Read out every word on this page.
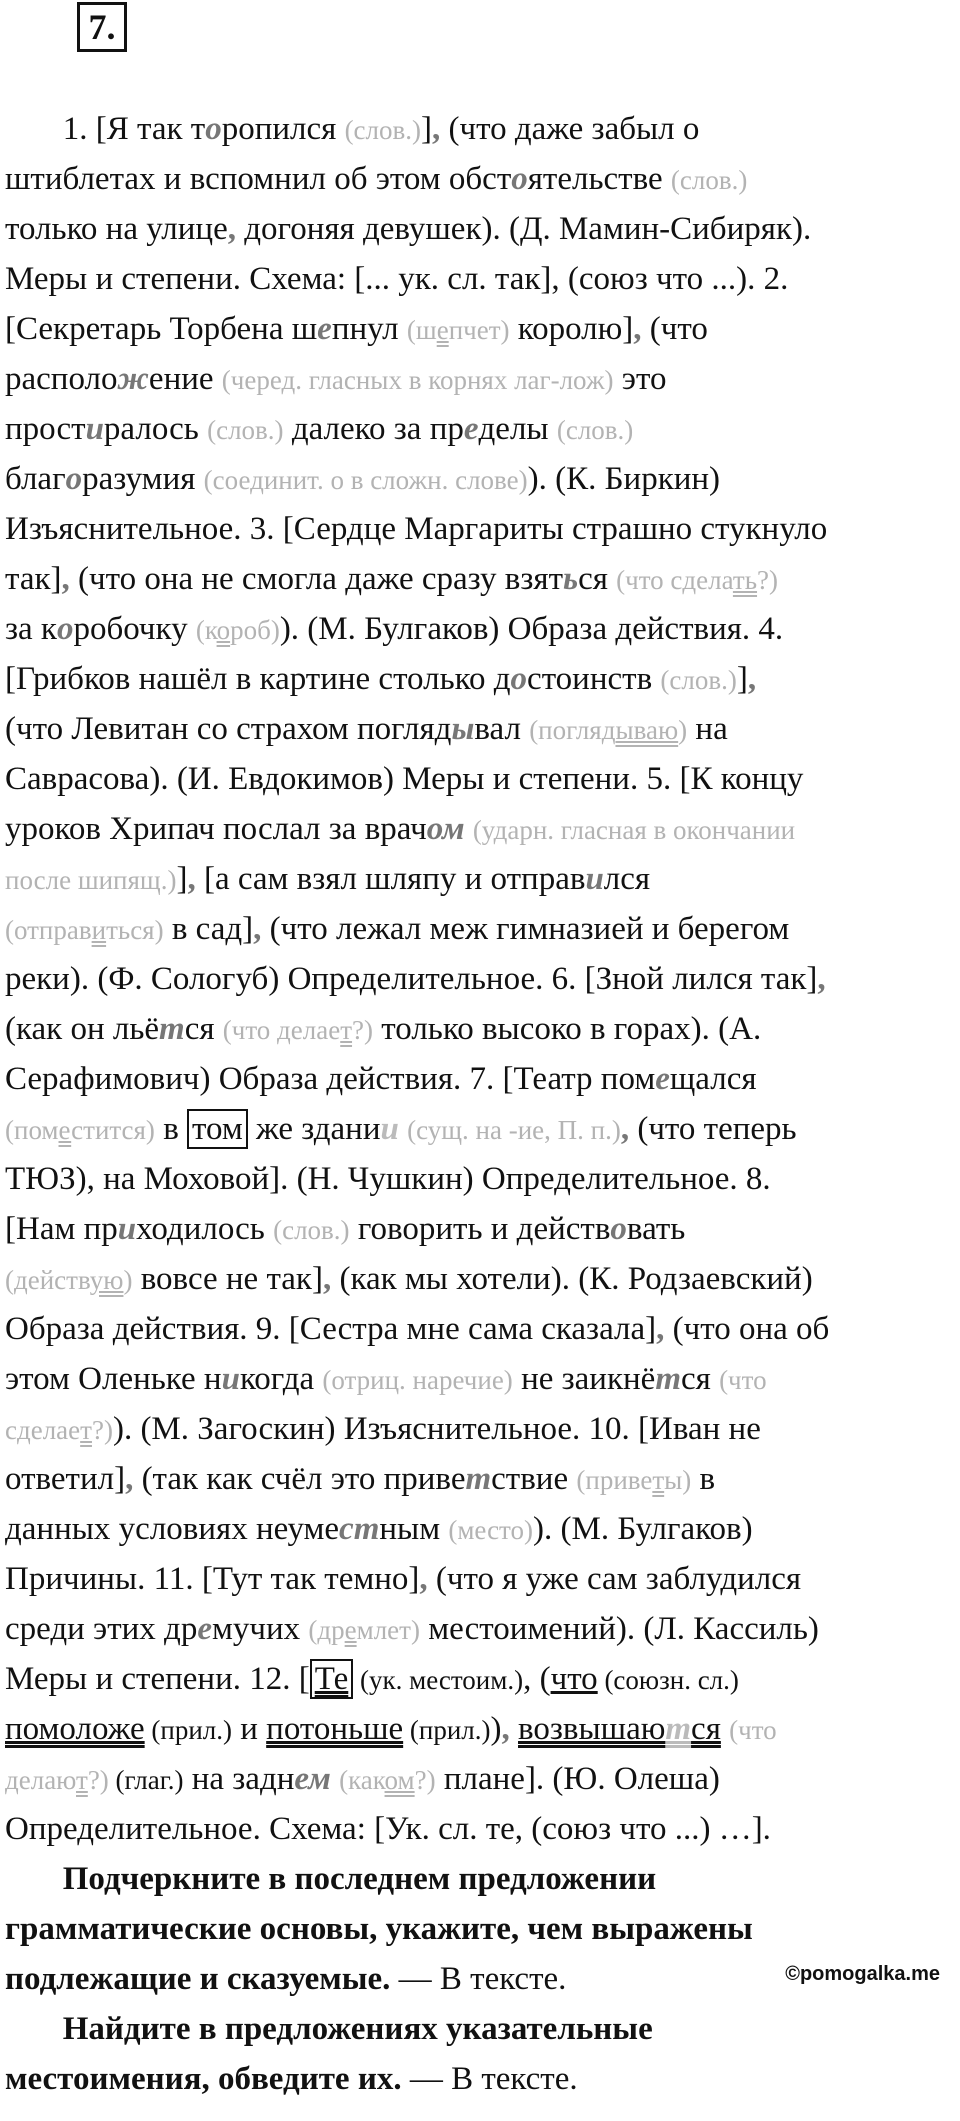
7.
1. [Я так торопился (слов.)], (что даже забыл о
штиблетах и вспомнил об этом обстоятельстве (слов.)
только на улице, догоняя девушек). (Д. Мамин-Сибиряк).
Меры и степени. Схема: [... ук. сл. так], (союз что ...). 2.
[Секретарь Торбена шепнул (шепчет) королю], (что
расположение (черед. гласных в корнях лаг-лож) это
простиралось (слов.) далеко за пределы (слов.)
благоразумия (соединит. о в сложн. слове)). (К. Биркин)
Изъяснительное. 3. [Сердце Маргариты страшно стукнуло
так], (что она не смогла даже сразу взяться (что сделать?)
за коробочку (короб)). (М. Булгаков) Образа действия. 4.
[Грибков нашёл в картине столько достоинств (слов.)],
(что Левитан со страхом поглядывал (поглядываю) на
Саврасова). (И. Евдокимов) Меры и степени. 5. [К концу
уроков Хрипач послал за врачом (ударн. гласная в окончании
после шипящ.)], [а сам взял шляпу и отправился
(отправиться) в сад], (что лежал меж гимназией и берегом
реки). (Ф. Сологуб) Определительное. 6. [Зной лился так],
(как он льётся (что делает?) только высоко в горах). (А.
Серафимович) Образа действия. 7. [Театр помещался
(поместится) в том же здании (сущ. на -ие, П. п.), (что теперь
ТЮЗ), на Моховой]. (Н. Чушкин) Определительное. 8.
[Нам приходилось (слов.) говорить и действовать
(действую) вовсе не так], (как мы хотели). (К. Родзаевский)
Образа действия. 9. [Сестра мне сама сказала], (что она об
этом Оленьке никогда (отриц. наречие) не заикнётся (что
сделает?)). (М. Загоскин) Изъяснительное. 10. [Иван не
ответил], (так как счёл это приветствие (приветы) в
данных условиях неуместным (место)). (М. Булгаков)
Причины. 11. [Тут так темно], (что я уже сам заблудился
среди этих дремучих (дремлет) местоимений). (Л. Кассиль)
Меры и степени. 12. [ Те (ук. местоим.), (что (союзн. сл.)
помоложе (прил.) и потоньше (прил.)), возвышаются (что
делают?) (глаг.) на заднем (каком?) плане]. (Ю. Олеша)
Определительное. Схема: [Ук. сл. те, (союз что ...) …].
Подчеркните в последнем предложении
грамматические основы, укажите, чем выражены
подлежащие и сказуемые. — В тексте.
Найдите в предложениях указательные
местоимения, обведите их. — В тексте.
©pomogalka.me
